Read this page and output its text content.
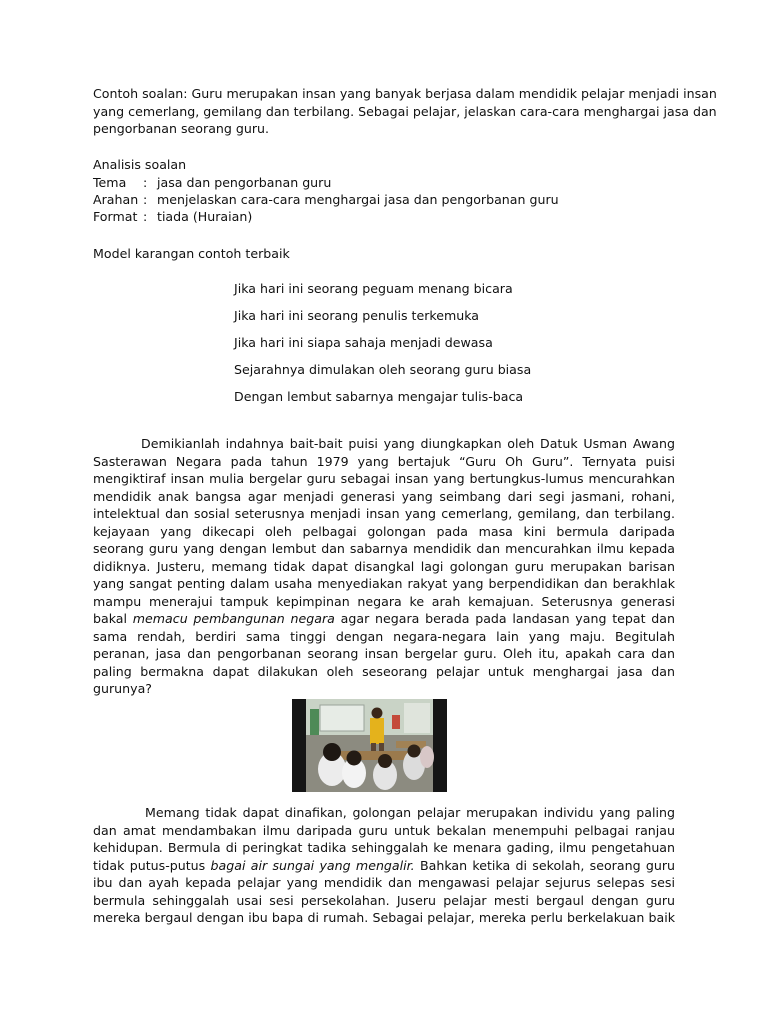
Contoh soalan: Guru merupakan insan yang banyak berjasa dalam mendidik pelajar menjadi insan
yang cemerlang, gemilang dan terbilang. Sebagai pelajar, jelaskan cara-cara menghargai jasa dan
pengorbanan seorang guru.
Analisis soalan
Tema : jasa dan pengorbanan guru
Arahan : menjelaskan cara-cara menghargai jasa dan pengorbanan guru
Format : tiada (Huraian)
Model karangan contoh terbaik
Jika hari ini seorang peguam menang bicara
Jika hari ini seorang penulis terkemuka
Jika hari ini siapa sahaja menjadi dewasa
Sejarahnya dimulakan oleh seorang guru biasa
Dengan lembut sabarnya mengajar tulis-baca
Demikianlah indahnya bait-bait puisi yang diungkapkan oleh Datuk Usman Awang
Sasterawan Negara pada tahun 1979 yang bertajuk “Guru Oh Guru”. Ternyata puisi
mengiktiraf insan mulia bergelar guru sebagai insan yang bertungkus-lumus mencurahkan
mendidik anak bangsa agar menjadi generasi yang seimbang dari segi jasmani, rohani,
intelektual dan sosial seterusnya menjadi insan yang cemerlang, gemilang, dan terbilang.
kejayaan yang dikecapi oleh pelbagai golongan pada masa kini bermula daripada
seorang guru yang dengan lembut dan sabarnya mendidik dan mencurahkan ilmu kepada
didiknya. Justeru, memang tidak dapat disangkal lagi golongan guru merupakan barisan
yang sangat penting dalam usaha menyediakan rakyat yang berpendidikan dan berakhlak
mampu menerajui tampuk kepimpinan negara ke arah kemajuan. Seterusnya generasi
bakal memacu pembangunan negara agar negara berada pada landasan yang tepat dan
sama rendah, berdiri sama tinggi dengan negara-negara lain yang maju. Begitulah
peranan, jasa dan pengorbanan seorang insan bergelar guru. Oleh itu, apakah cara dan
paling bermakna dapat dilakukan oleh seseorang pelajar untuk menghargai jasa dan
gurunya?
Memang tidak dapat dinafikan, golongan pelajar merupakan individu yang paling
dan amat mendambakan ilmu daripada guru untuk bekalan menempuhi pelbagai ranjau
kehidupan. Bermula di peringkat tadika sehinggalah ke menara gading, ilmu pengetahuan
tidak putus-putus bagai air sungai yang mengalir. Bahkan ketika di sekolah, seorang guru
ibu dan ayah kepada pelajar yang mendidik dan mengawasi pelajar sejurus selepas sesi
bermula sehinggalah usai sesi persekolahan. Juseru pelajar mesti bergaul dengan guru
mereka bergaul dengan ibu bapa di rumah. Sebagai pelajar, mereka perlu berkelakuan baik
